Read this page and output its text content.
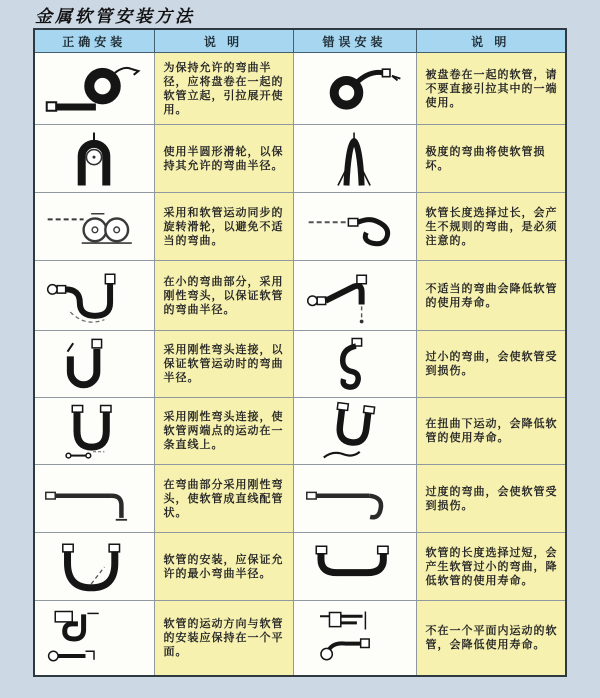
金属软管安装方法
正确安装	说 明	错误安装	说 明

	为保持允许的弯曲半径，应将盘卷在一起的软管立起，引拉展开使用。		被盘卷在一起的软管，请不要直接引拉其中的一端使用。

	使用半圆形滑轮，以保持其允许的弯曲半径。		极度的弯曲将使软管损坏。

	采用和软管运动同步的旋转滑轮，以避免不适当的弯曲。		软管长度选择过长，会产生不规则的弯曲，是必须注意的。

	在小的弯曲部分，采用刚性弯头，以保证软管的弯曲半径。		不适当的弯曲会降低软管的使用寿命。

	采用刚性弯头连接，以保证软管运动时的弯曲半径。		过小的弯曲，会使软管受到损伤。

	采用刚性弯头连接，使软管两端点的运动在一条直线上。		在扭曲下运动，会降低软管的使用寿命。

	在弯曲部分采用刚性弯头，使软管成直线配管状。		过度的弯曲，会使软管受到损伤。

	软管的安装，应保证允许的最小弯曲半径。		软管的长度选择过短，会产生软管过小的弯曲，降低软管的使用寿命。

	软管的运动方向与软管的安装应保持在一个平面。		不在一个平面内运动的软管，会降低使用寿命。
